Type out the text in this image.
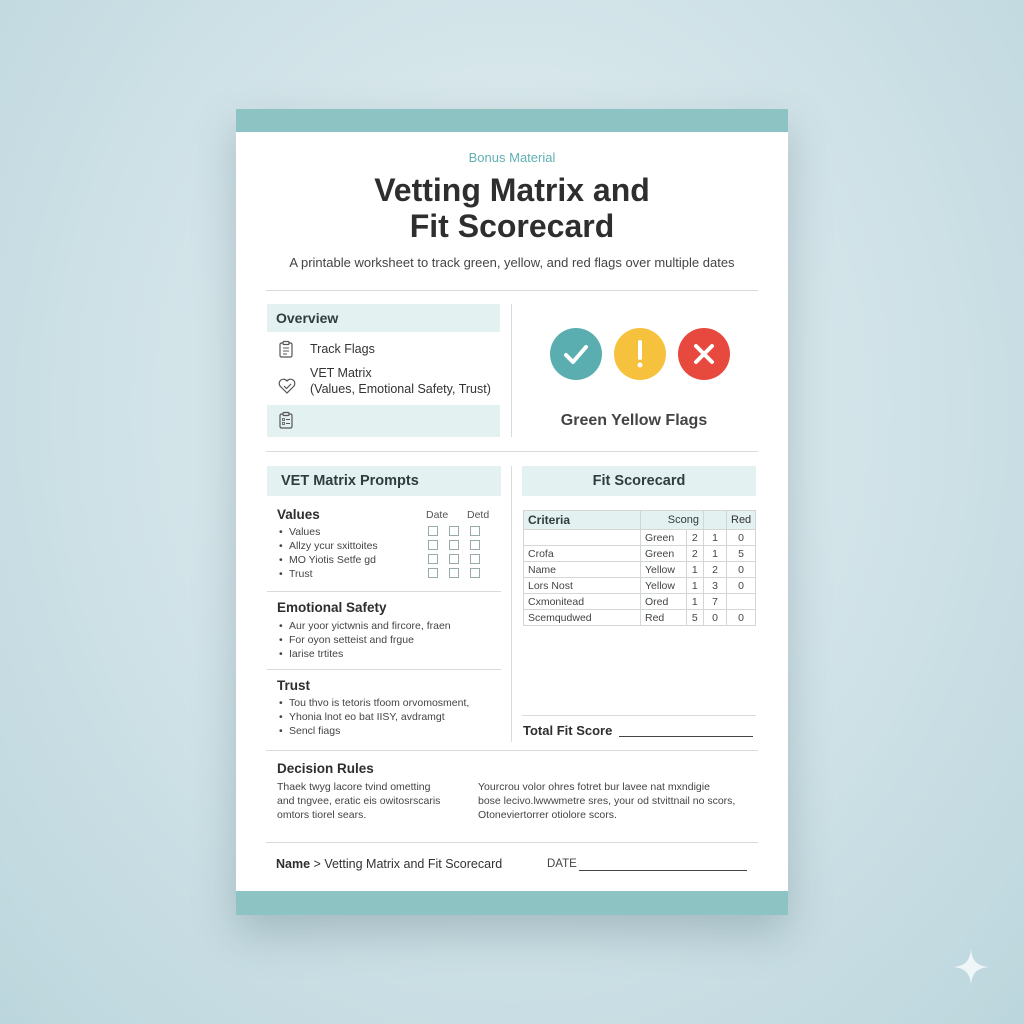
Bonus Material
Vetting Matrix and
Fit Scorecard
A printable worksheet to track green, yellow, and red flags over multiple dates
Overview
Track Flags
VET Matrix
(Values, Emotional Safety, Trust)
Green Yellow Flags
VET Matrix Prompts
Values	Date Detd
• Values
• Allzy ycur sxittoites
• MO Yiotis Setfe gd
• Trust
Emotional Safety
• Aur yoor yictwnis and fircore, fraen
• For oyon setteist and frgue
• Iarise trtites
Trust
• Tou thvo is tetoris tfoom orvomosment,
• Yhonia lnot eo bat IISY, avdramgt
• Sencl fiags
Fit Scorecard
Criteria	Scong			Red
	Green	2	1	0
Crofa	Green	2	1	5
Name	Yellow	1	2	0
Lors Nost	Yellow	1	3	0
Cxmonitead	Ored	1	7	
Scemqudwed	Red	5	0	0
Total Fit Score
Decision Rules
Thaek twyg lacore tvind ometting
and tngvee, eratic eis owitosrscaris
omtors tiorel sears.
Yourcrou volor ohres fotret bur lavee nat mxndigie
bose lecivo.lwwwmetre sres, your od stvittnail no scors,
Otoneviertorrer otiolore scors.
Name > Vetting Matrix and Fit Scorecard	DATE
